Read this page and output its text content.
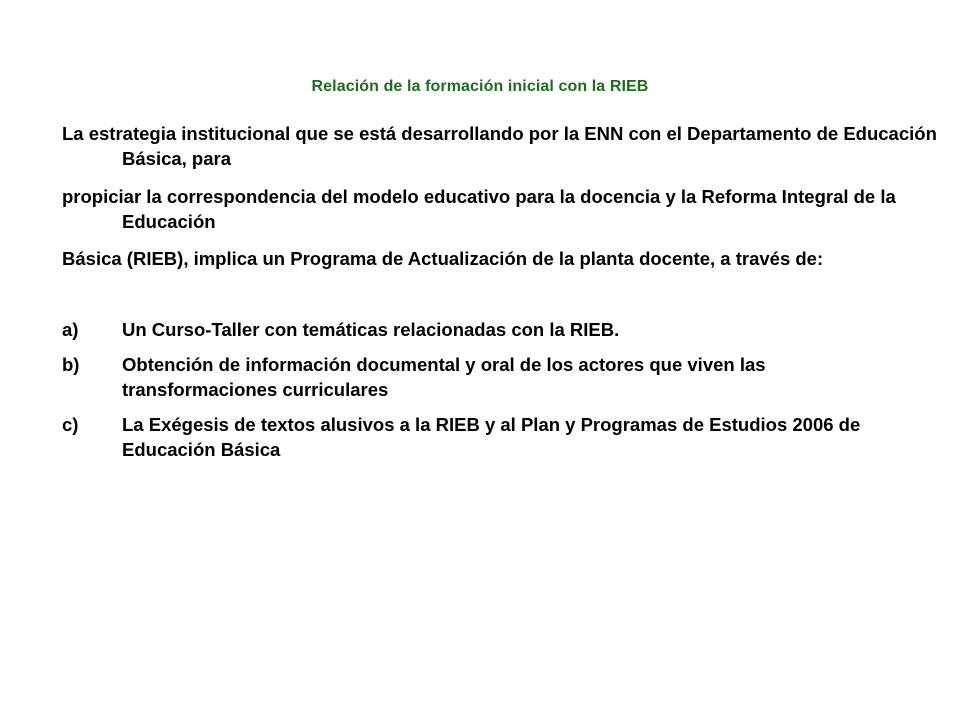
Relación de la formación inicial con la RIEB
La estrategia institucional que se está desarrollando por la ENN con el Departamento de Educación Básica, para
propiciar la correspondencia del modelo educativo para la docencia y la Reforma Integral de la Educación
Básica (RIEB), implica un Programa de Actualización de la planta docente, a través de:
a)	Un Curso-Taller con temáticas relacionadas con la RIEB.
b)	Obtención de información documental y oral de los actores que viven las transformaciones curriculares
c)	La Exégesis de textos alusivos a la RIEB y al Plan y Programas de Estudios 2006 de Educación Básica
